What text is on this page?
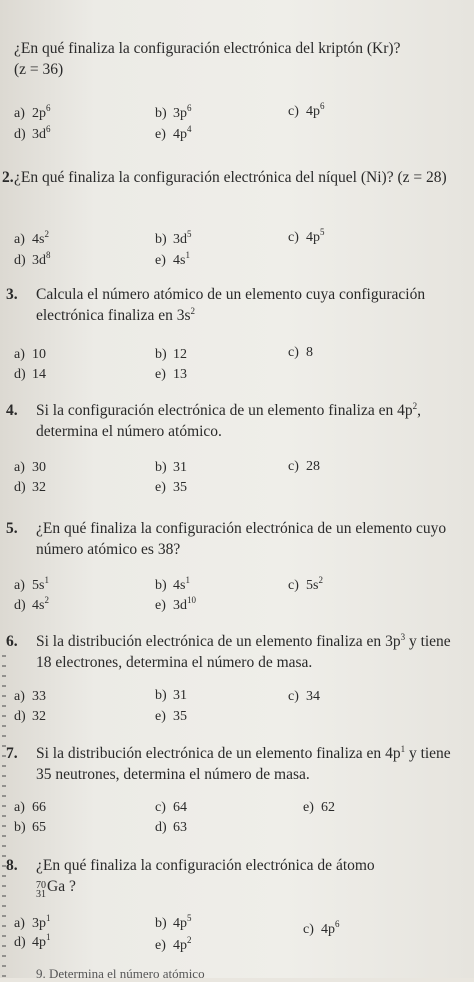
¿En qué finaliza la configuración electrónica del kriptón (Kr)? (z = 36)
a) $2p^6$	b) $3p^6$	c) $4p^6$
d) $3d^6$	e) $4p^4$
2. ¿En qué finaliza la configuración electrónica del níquel (Ni)? (z = 28)
a) $4s^2$	b) $3d^5$	c) $4p^5$
d) $3d^8$	e) $4s^1$
3. Calcula el número atómico de un elemento cuya configuración electrónica finaliza en $3s^2$
a) 10	b) 12	c) 8
d) 14	e) 13
4. Si la configuración electrónica de un elemento finaliza en $4p^2$, determina el número atómico.
a) 30	b) 31	c) 28
d) 32	e) 35
5. ¿En qué finaliza la configuración electrónica de un elemento cuyo número atómico es 38?
a) $5s^1$	b) $4s^1$	c) $5s^2$
d) $4s^2$	e) $3d^{10}$
6. Si la distribución electrónica de un elemento finaliza en $3p^3$ y tiene 18 electrones, determina el número de masa.
a) 33	b) 31	c) 34
d) 32	e) 35
7. Si la distribución electrónica de un elemento finaliza en $4p^1$ y tiene 35 neutrones, determina el número de masa.
a) 66	c) 64	e) 62
b) 65	d) 63
8. ¿En qué finaliza la configuración electrónica de átomo
70
31 Ga ?
a) $3p^1$	b) $4p^5$
c) $4p^6$
d) $4p^1$
e) $4p^2$
9. Determina el número atómico
